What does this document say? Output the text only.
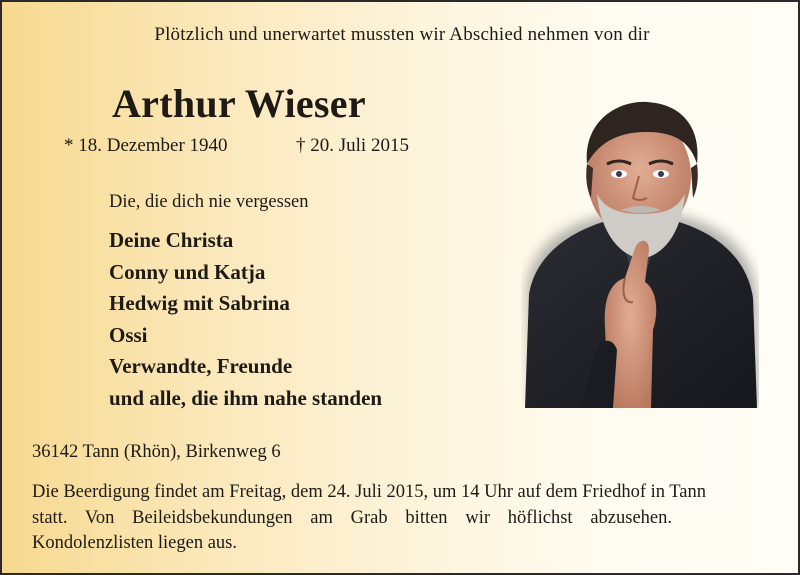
Plötzlich und unerwartet mussten wir Abschied nehmen von dir
Arthur Wieser
* 18. Dezember 1940	† 20. Juli 2015
Die, die dich nie vergessen
Deine Christa
Conny und Katja
Hedwig mit Sabrina
Ossi
Verwandte, Freunde
und alle, die ihm nahe standen
36142 Tann (Rhön), Birkenweg 6
Die Beerdigung findet am Freitag, dem 24. Juli 2015, um 14 Uhr auf dem Friedhof in Tann
statt. Von Beileidsbekundungen am Grab bitten wir höflichst abzusehen.
Kondolenzlisten liegen aus.
